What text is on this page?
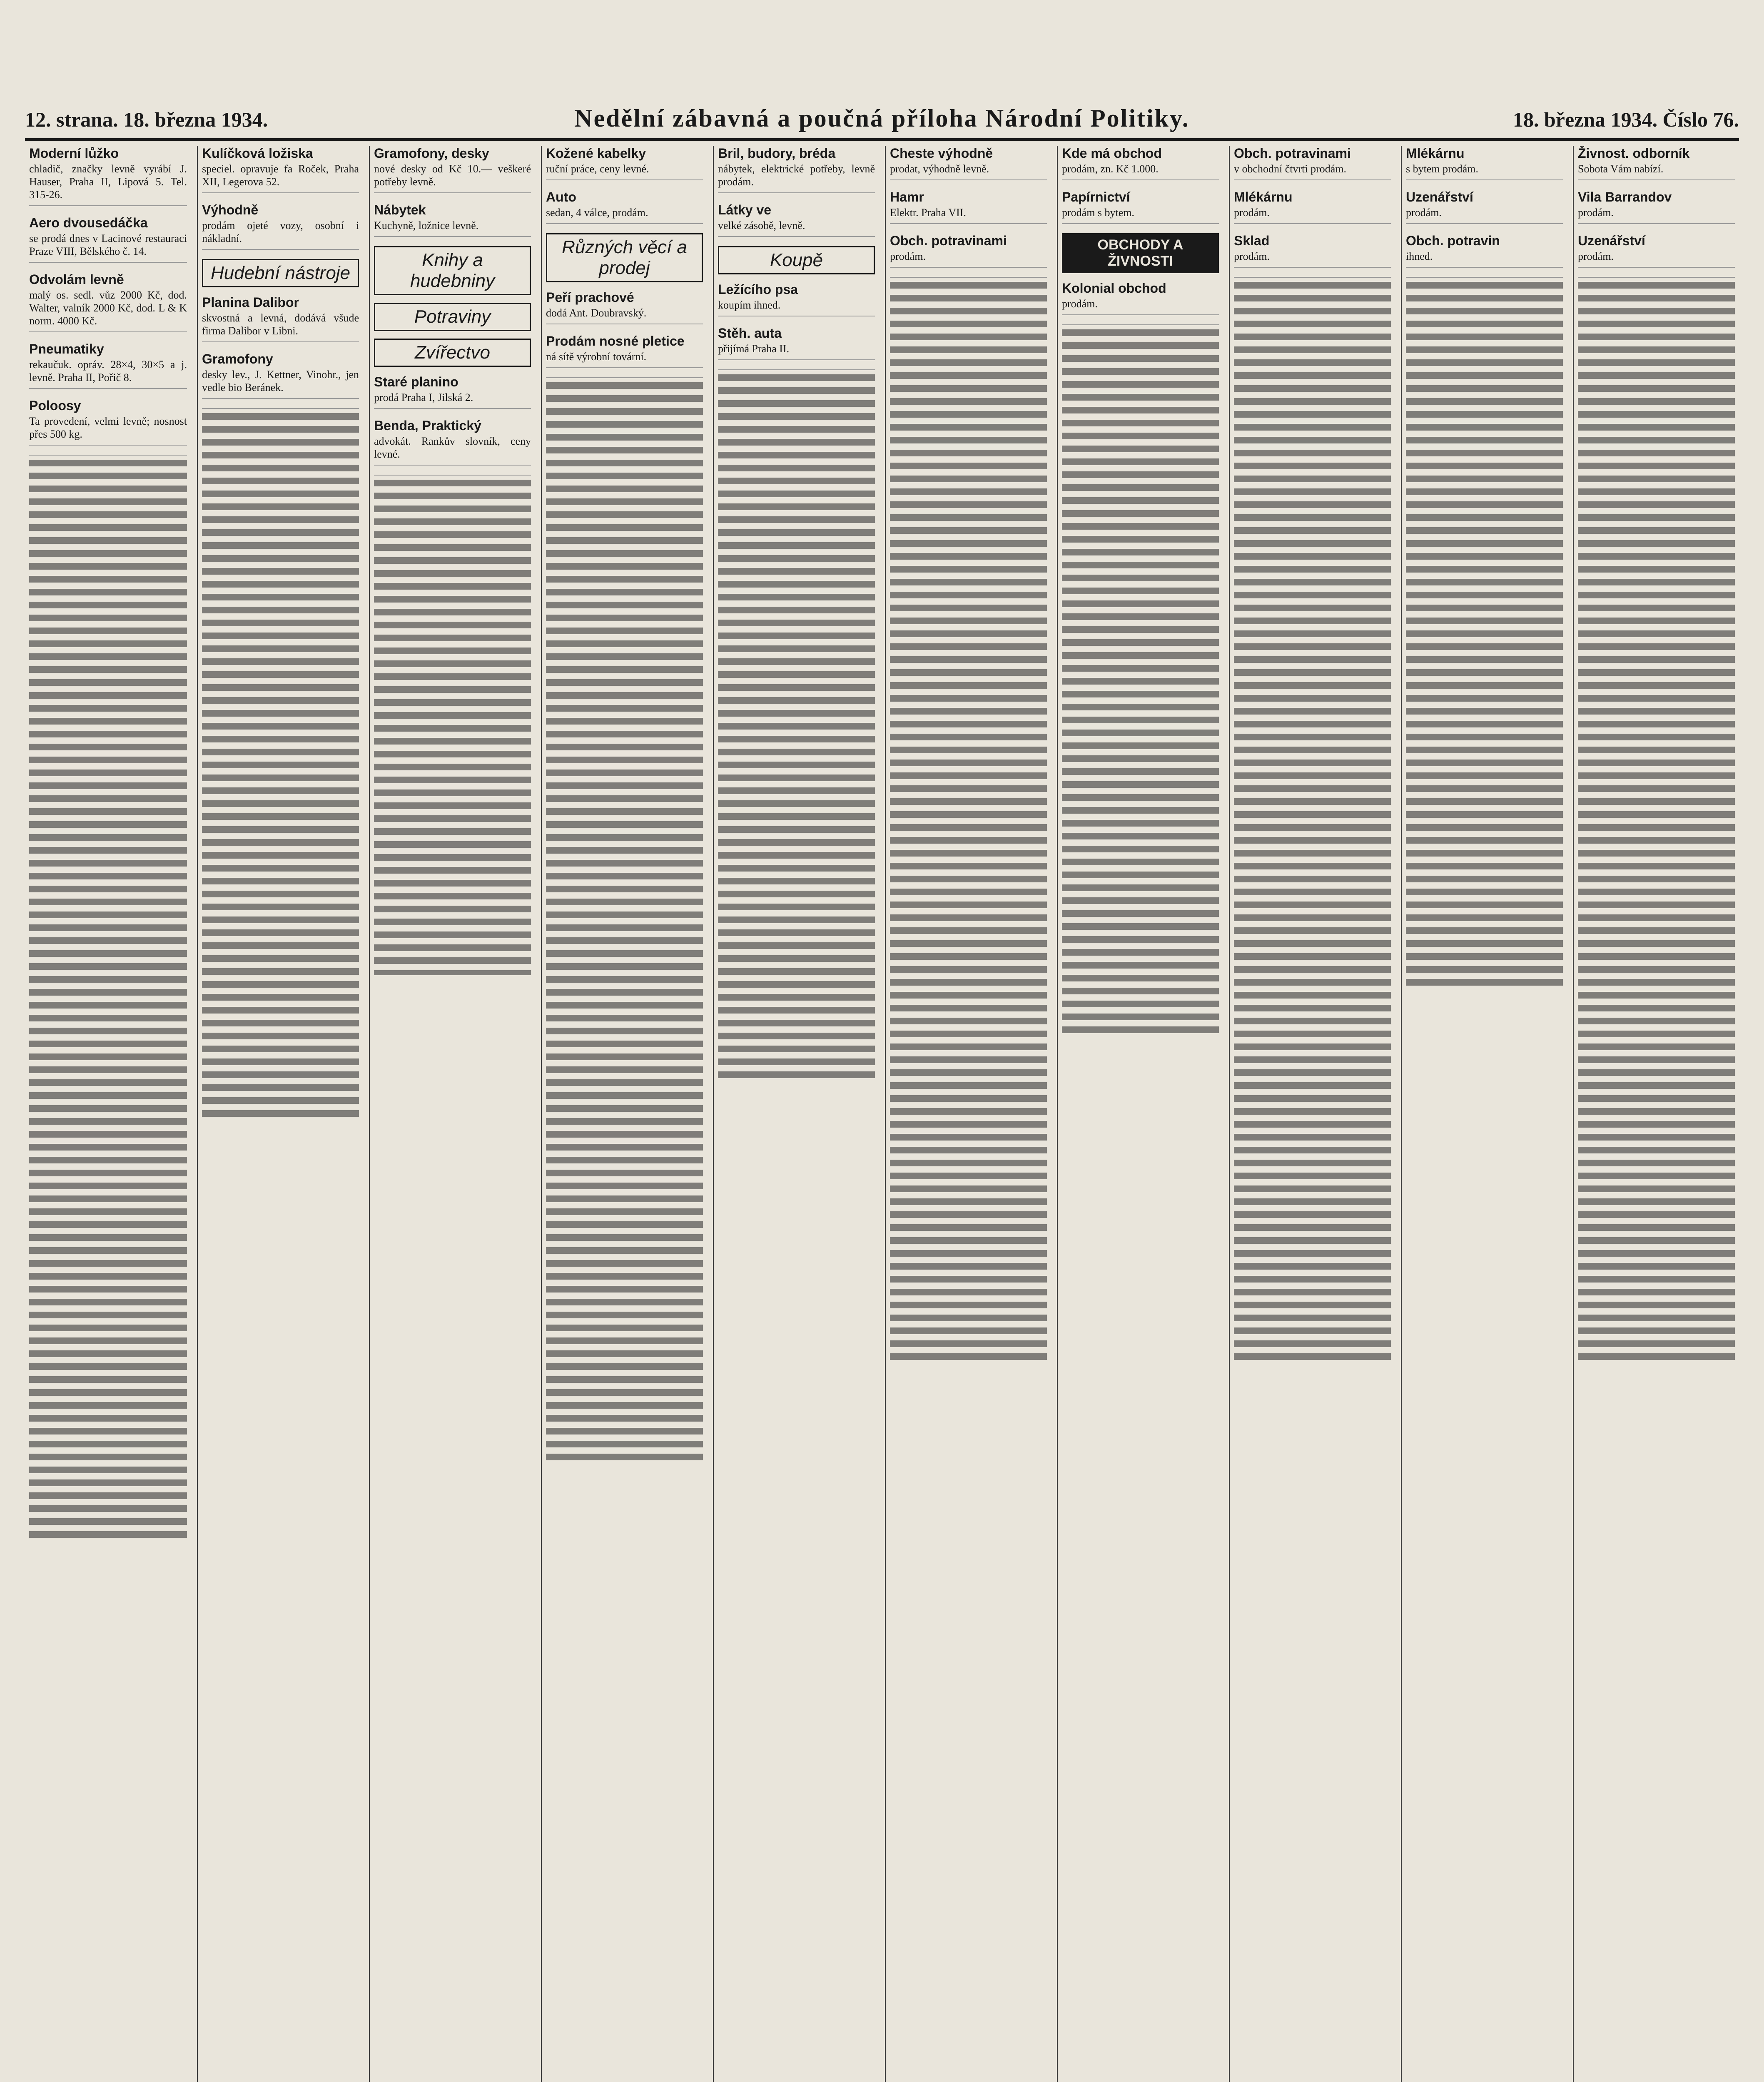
12. strana. 18. března 1934.	Nedělní zábavná a poučná příloha Národní Politiky.	18. března 1934. Číslo 76.
Moderní lůžko

chladič, značky levně vyrábí J. Hauser, Praha II, Lipová 5. Tel. 315-26.

Aero dvousedáčka

se prodá dnes v Lacinové restauraci Praze VIII, Bělského č. 14.

Odvolám levně

malý os. sedl. vůz 2000 Kč, dod. Walter, valník 2000 Kč, dod. L & K norm. 4000 Kč.

Pneumatiky

rekaučuk. opráv. 28×4, 30×5 a j. levně. Praha II, Pořič 8.

Poloosy

Ta provedení, velmi levně; nosnost přes 500 kg.

Kulíčková ložiska

speciel. opravuje fa Roček, Praha XII, Legerova 52.

Výhodně

prodám ojeté vozy, osobní i nákladní.

Hudební nástroje
Planina Dalibor

skvostná a levná, dodává všude firma Dalibor v Libni.

Gramofony

desky lev., J. Kettner, Vinohr., jen vedle bio Beránek.

Gramofony, desky

nové desky od Kč 10.— veškeré potřeby levně.

Nábytek

Kuchyně, ložnice levně.

Knihy a hudebniny
Potraviny
Zvířectvo
Staré planino

prodá Praha I, Jilská 2.

Benda, Praktický

advokát. Rankův slovník, ceny levné.

Kožené kabelky

ruční práce, ceny levné.

Auto

sedan, 4 válce, prodám.

Různých věcí a prodej
Peří prachové

dodá Ant. Doubravský.

Prodám nosné pletice

ná sítě výrobní tovární.

Bril, budory, bréda

nábytek, elektrické potřeby, levně prodám.

Látky ve

velké zásobě, levně.

Koupě
Ležícího psa

koupím ihned.

Stěh. auta

přijímá Praha II.

Cheste výhodně

prodat, výhodně levně.

Hamr

Elektr. Praha VII.

Obch. potravinami

prodám.

Kde má obchod

prodám, zn. Kč 1.000.

Papírnictví

prodám s bytem.

OBCHODY A ŽIVNOSTI
Kolonial obchod

prodám.

Obch. potravinami

v obchodní čtvrti prodám.

Mlékárnu

prodám.

Sklad

prodám.

Mlékárnu

s bytem prodám.

Uzenářství

prodám.

Obch. potravin

ihned.

Živnost. odborník

Sobota Vám nabízí.

Vila Barrandov

prodám.

Uzenářství

prodám.
